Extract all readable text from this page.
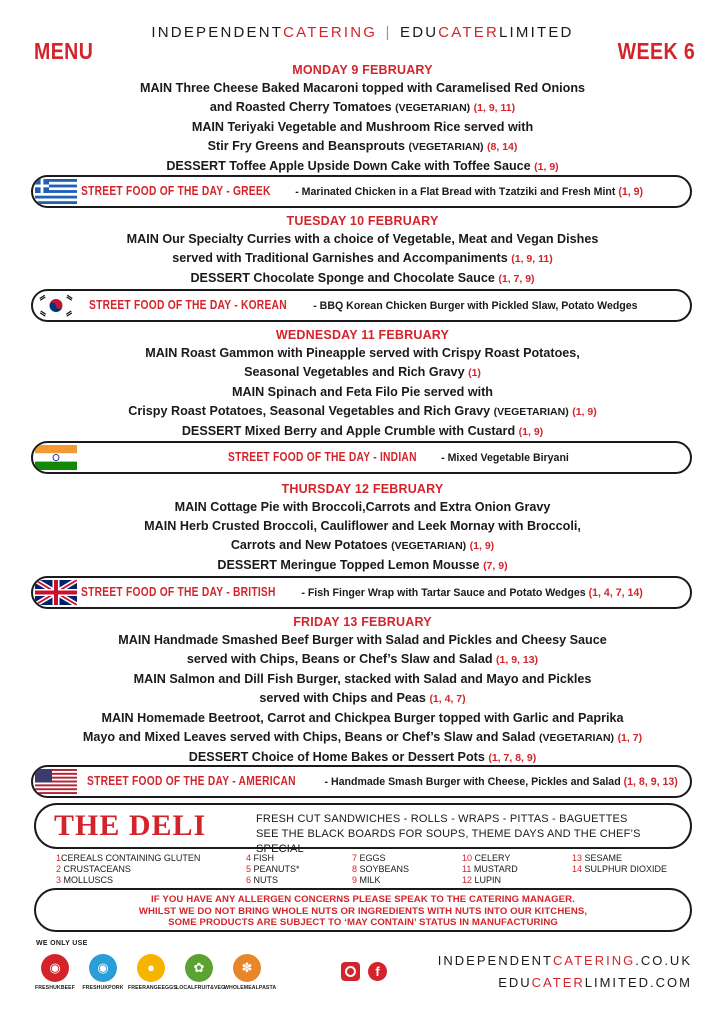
MENU
INDEPENDENTCATERING | EDUCATERLIMITED
WEEK 6
MONDAY 9 FEBRUARY
MAIN Three Cheese Baked Macaroni topped with Caramelised Red Onions
and Roasted Cherry Tomatoes (VEGETARIAN) (1, 9, 11)
MAIN Teriyaki Vegetable and Mushroom Rice served with
Stir Fry Greens and Beansprouts (VEGETARIAN) (8, 14)
DESSERT Toffee Apple Upside Down Cake with Toffee Sauce (1, 9)
STREET FOOD OF THE DAY - GREEK - Marinated Chicken in a Flat Bread with Tzatziki and Fresh Mint (1, 9)
TUESDAY 10 FEBRUARY
MAIN Our Specialty Curries with a choice of Vegetable, Meat and Vegan Dishes
served with Traditional Garnishes and Accompaniments (1, 9, 11)
DESSERT Chocolate Sponge and Chocolate Sauce (1, 7, 9)
STREET FOOD OF THE DAY - KOREAN - BBQ Korean Chicken Burger with Pickled Slaw, Potato Wedges
WEDNESDAY 11 FEBRUARY
MAIN Roast Gammon with Pineapple served with Crispy Roast Potatoes,
Seasonal Vegetables and Rich Gravy (1)
MAIN Spinach and Feta Filo Pie served with
Crispy Roast Potatoes, Seasonal Vegetables and Rich Gravy (VEGETARIAN) (1, 9)
DESSERT Mixed Berry and Apple Crumble with Custard (1, 9)
STREET FOOD OF THE DAY - INDIAN - Mixed Vegetable Biryani
THURSDAY 12 FEBRUARY
MAIN Cottage Pie with Broccoli,Carrots and Extra Onion Gravy
MAIN Herb Crusted Broccoli, Cauliflower and Leek Mornay with Broccoli,
Carrots and New Potatoes (VEGETARIAN) (1, 9)
DESSERT Meringue Topped Lemon Mousse (7, 9)
STREET FOOD OF THE DAY - BRITISH - Fish Finger Wrap with Tartar Sauce and Potato Wedges (1, 4, 7, 14)
FRIDAY 13 FEBRUARY
MAIN Handmade Smashed Beef Burger with Salad and Pickles and Cheesy Sauce
served with Chips, Beans or Chef’s Slaw and Salad (1, 9, 13)
MAIN Salmon and Dill Fish Burger, stacked with Salad and Mayo and Pickles
served with Chips and Peas (1, 4, 7)
MAIN Homemade Beetroot, Carrot and Chickpea Burger topped with Garlic and Paprika
Mayo and Mixed Leaves served with Chips, Beans or Chef’s Slaw and Salad (VEGETARIAN) (1, 7)
DESSERT Choice of Home Bakes or Dessert Pots (1, 7, 8, 9)
STREET FOOD OF THE DAY - AMERICAN - Handmade Smash Burger with Cheese, Pickles and Salad (1, 8, 9, 13)
THE DELI	FRESH CUT SANDWICHES - ROLLS - WRAPS - PITTAS - BAGUETTES
SEE THE BLACK BOARDS FOR SOUPS, THEME DAYS AND THE CHEF’S SPECIAL
1CEREALS CONTAINING GLUTEN
2 CRUSTACEANS
3 MOLLUSCS
4 FISH
5 PEANUTS*
6 NUTS
7 EGGS
8 SOYBEANS
9 MILK
10 CELERY
11 MUSTARD
12 LUPIN
13 SESAME
14 SULPHUR DIOXIDE
IF YOU HAVE ANY ALLERGEN CONCERNS PLEASE SPEAK TO THE CATERING MANAGER.
WHILST WE DO NOT BRING WHOLE NUTS OR INGREDIENTS WITH NUTS INTO OUR KITCHENS,
SOME PRODUCTS ARE SUBJECT TO ‘MAY CONTAIN’ STATUS IN MANUFACTURING
WE ONLY USE
◉
FRESHUKBEEF
◉
FRESHUKPORK
●
FREERANGEEGGS
✿
LOCALFRUIT&VEG
✽
WHOLEMEALPASTA
f
INDEPENDENTCATERING.CO.UK
EDUCATERLIMITED.COM
